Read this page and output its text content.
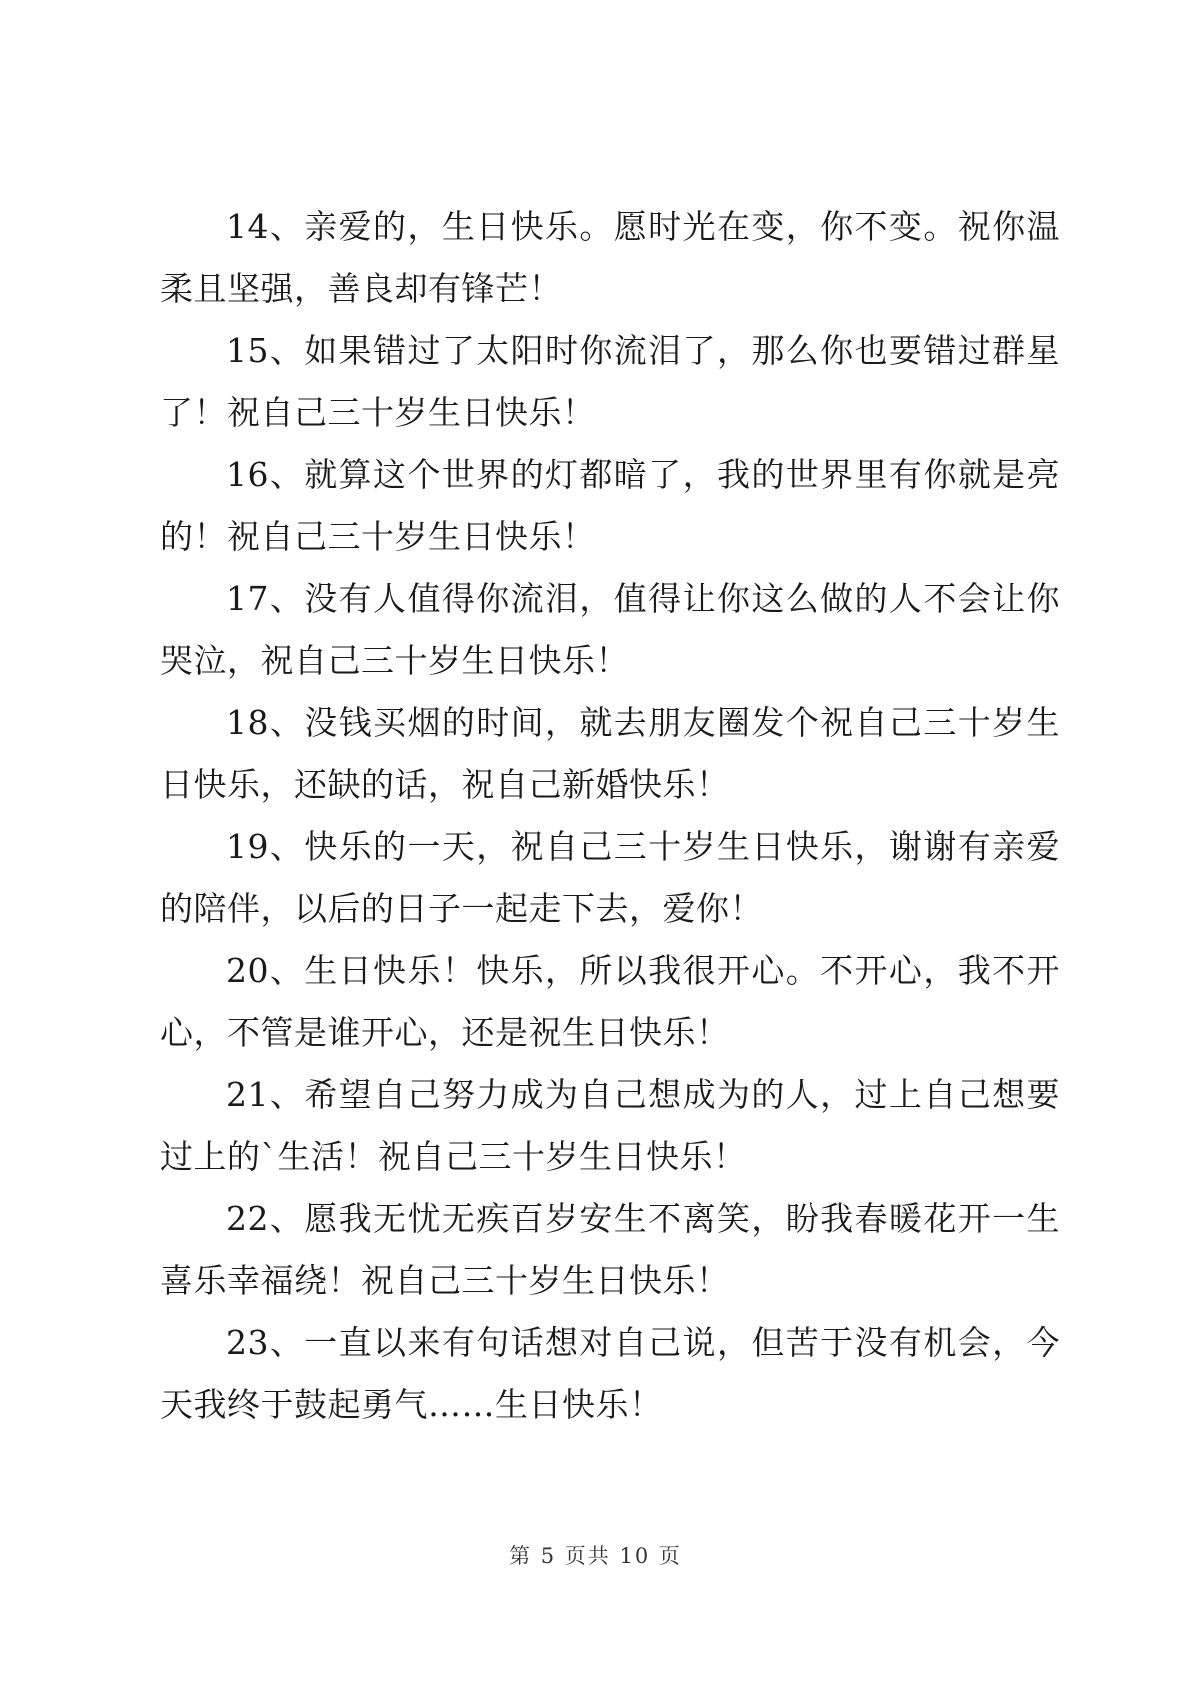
14、亲爱的，生日快乐。愿时光在变，你不变。祝你温柔且坚强，善良却有锋芒！

15、如果错过了太阳时你流泪了，那么你也要错过群星了！祝自己三十岁生日快乐！

16、就算这个世界的灯都暗了，我的世界里有你就是亮的！祝自己三十岁生日快乐！

17、没有人值得你流泪，值得让你这么做的人不会让你哭泣，祝自己三十岁生日快乐！

18、没钱买烟的时间，就去朋友圈发个祝自己三十岁生日快乐，还缺的话，祝自己新婚快乐！

19、快乐的一天，祝自己三十岁生日快乐，谢谢有亲爱的陪伴，以后的日子一起走下去，爱你！

20、生日快乐！快乐，所以我很开心。不开心，我不开心，不管是谁开心，还是祝生日快乐！

21、希望自己努力成为自己想成为的人，过上自己想要过上的`生活！祝自己三十岁生日快乐！

22、愿我无忧无疾百岁安生不离笑，盼我春暖花开一生喜乐幸福绕！祝自己三十岁生日快乐！

23、一直以来有句话想对自己说，但苦于没有机会，今天我终于鼓起勇气……生日快乐！

第 5 页共 10 页
